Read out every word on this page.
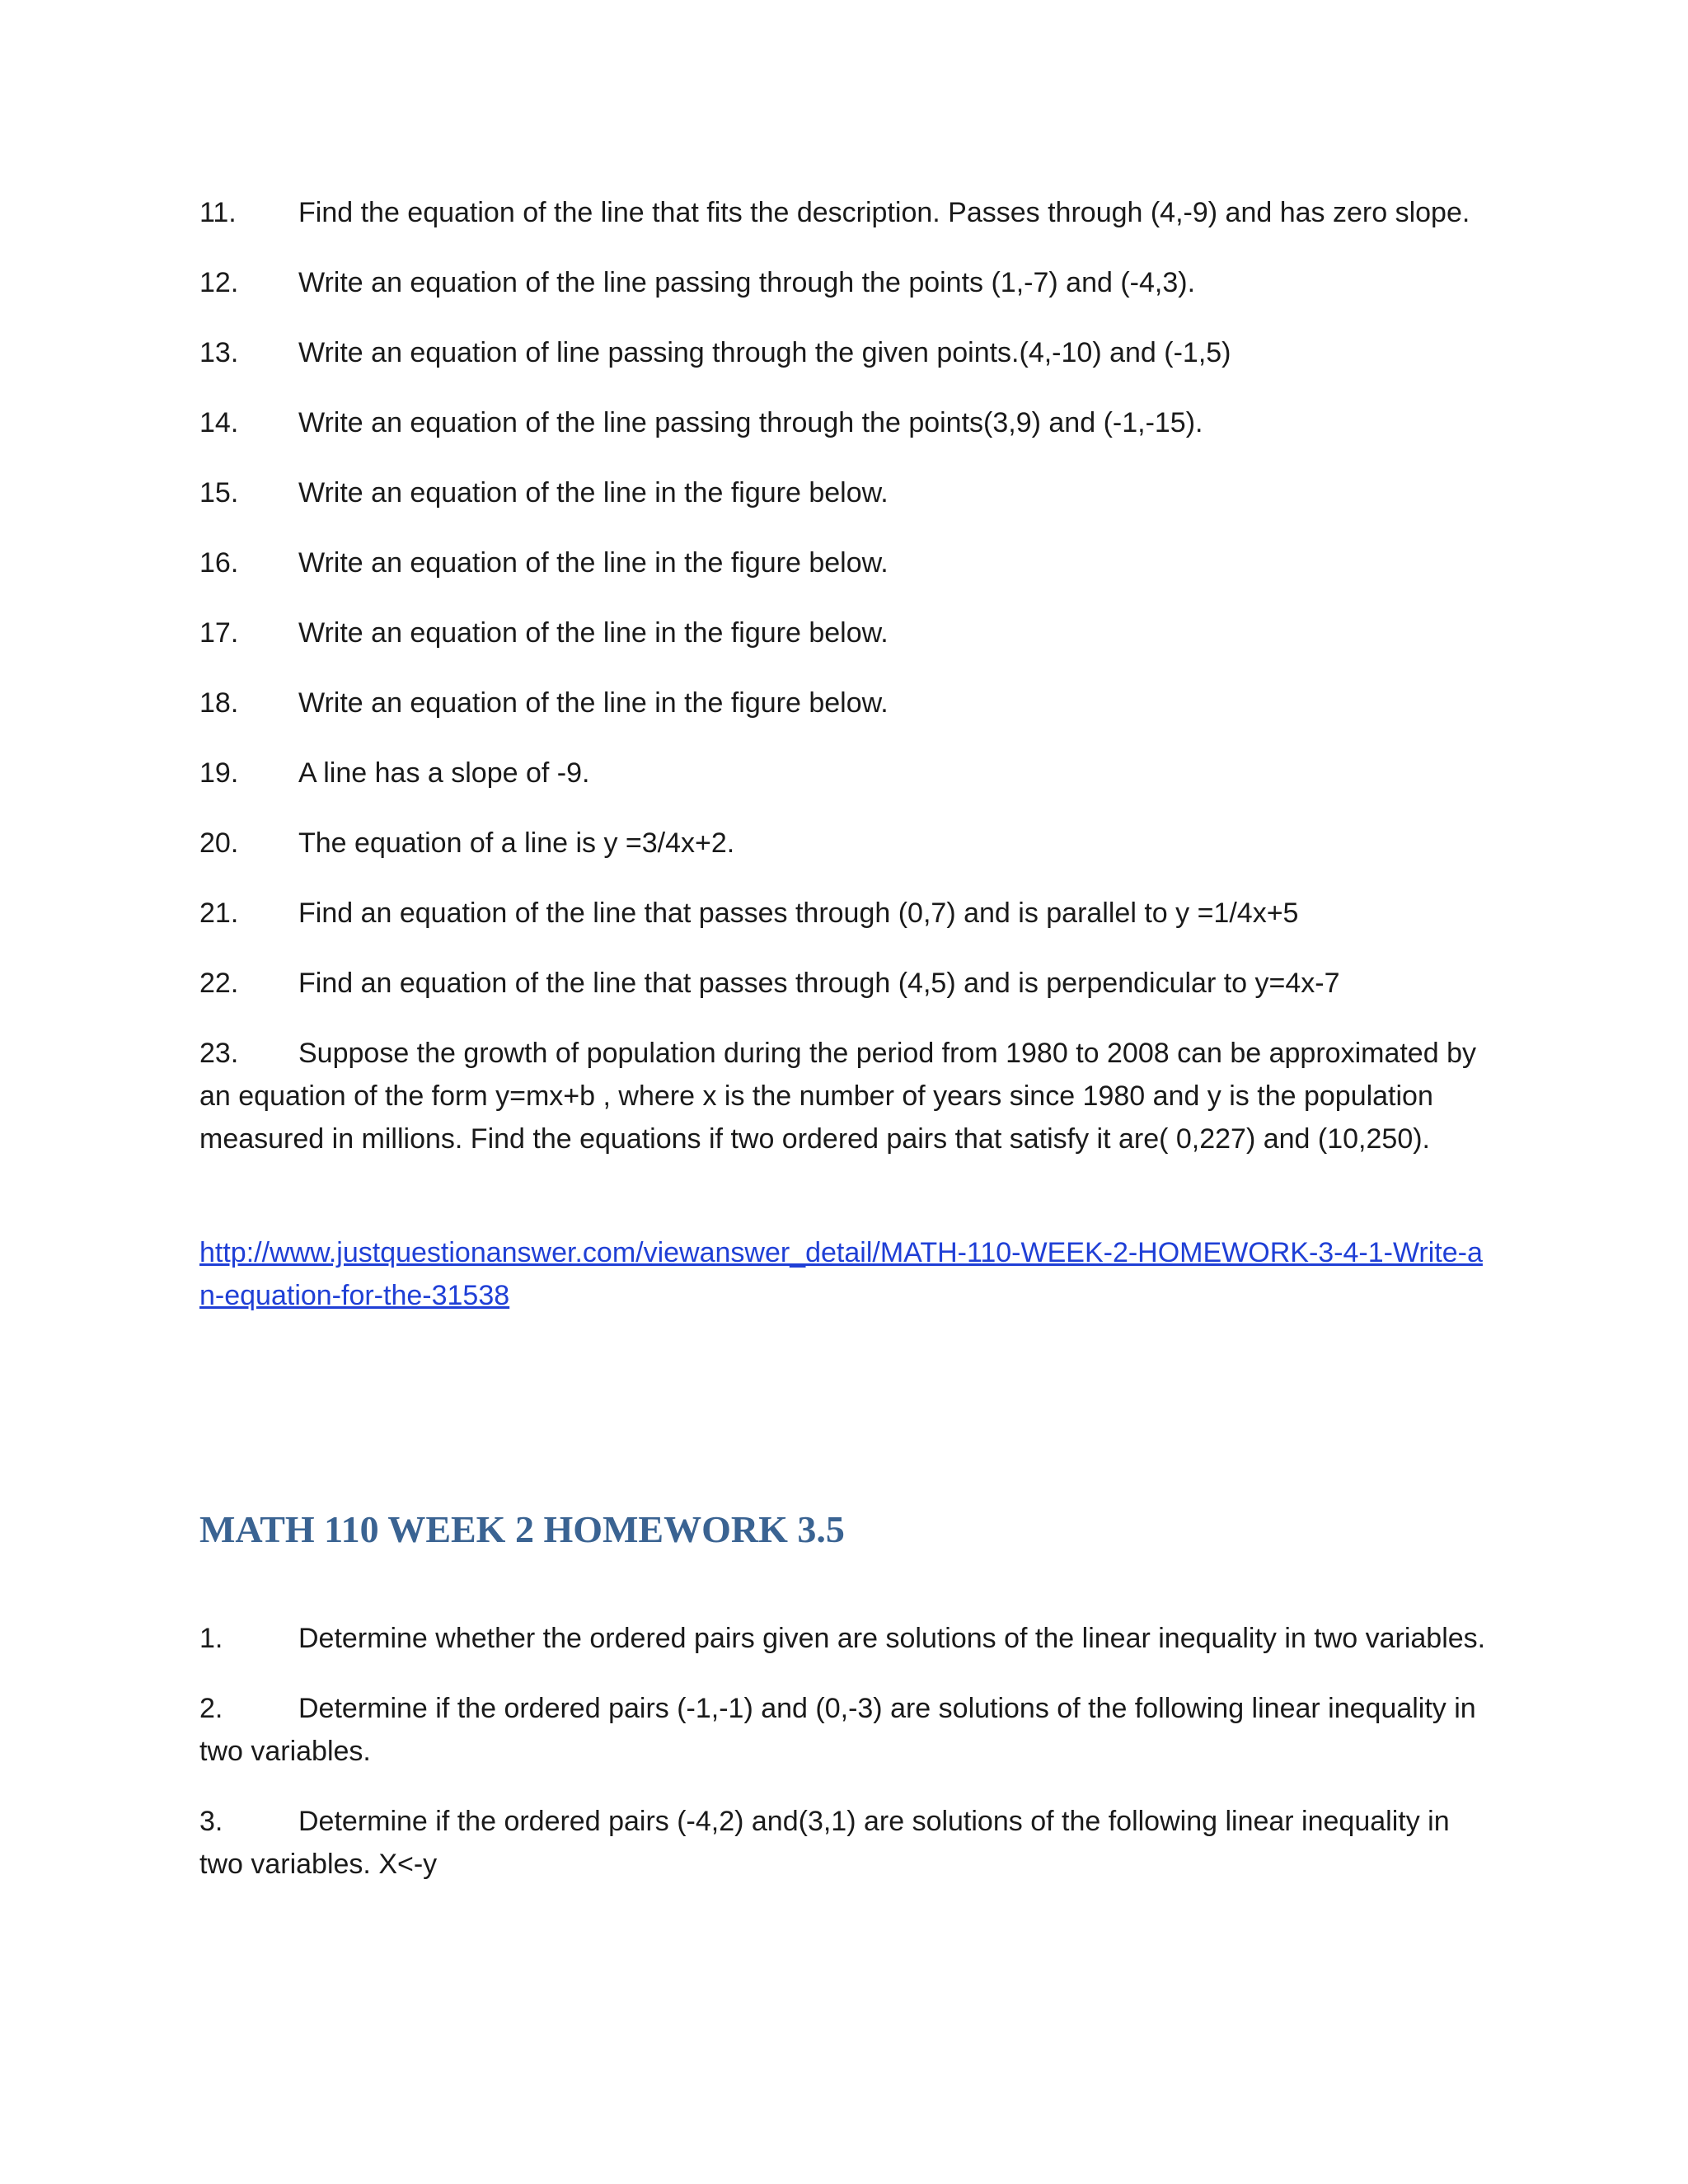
11. Find the equation of the line that fits the description. Passes through (4,-9) and has zero slope.
12. Write an equation of the line passing through the points (1,-7) and (-4,3).
13. Write an equation of line passing through the given points.(4,-10) and (-1,5)
14. Write an equation of the line passing through the points(3,9) and (-1,-15).
15. Write an equation of the line in the figure below.
16. Write an equation of the line in the figure below.
17. Write an equation of the line in the figure below.
18. Write an equation of the line in the figure below.
19. A line has a slope of -9.
20. The equation of a line is y =3/4x+2.
21. Find an equation of the line that passes through (0,7) and is parallel to y =1/4x+5
22. Find an equation of the line that passes through (4,5) and is perpendicular to y=4x-7
23. Suppose the growth of population during the period from 1980 to 2008 can be approximated by an equation of the form y=mx+b , where x is the number of years since 1980 and y is the population measured in millions. Find the equations if two ordered pairs that satisfy it are( 0,227) and (10,250).
http://www.justquestionanswer.com/viewanswer_detail/MATH-110-WEEK-2-HOMEWORK-3-4-1-Write-an-equation-for-the-31538
MATH 110 WEEK 2 HOMEWORK 3.5
1.	Determine whether the ordered pairs given are solutions of the linear inequality in two variables.
2.	Determine if the ordered pairs (-1,-1) and (0,-3) are solutions of the following linear inequality in two variables.
3.	Determine if the ordered pairs (-4,2) and(3,1) are solutions of the following linear inequality in two variables. X<-y
